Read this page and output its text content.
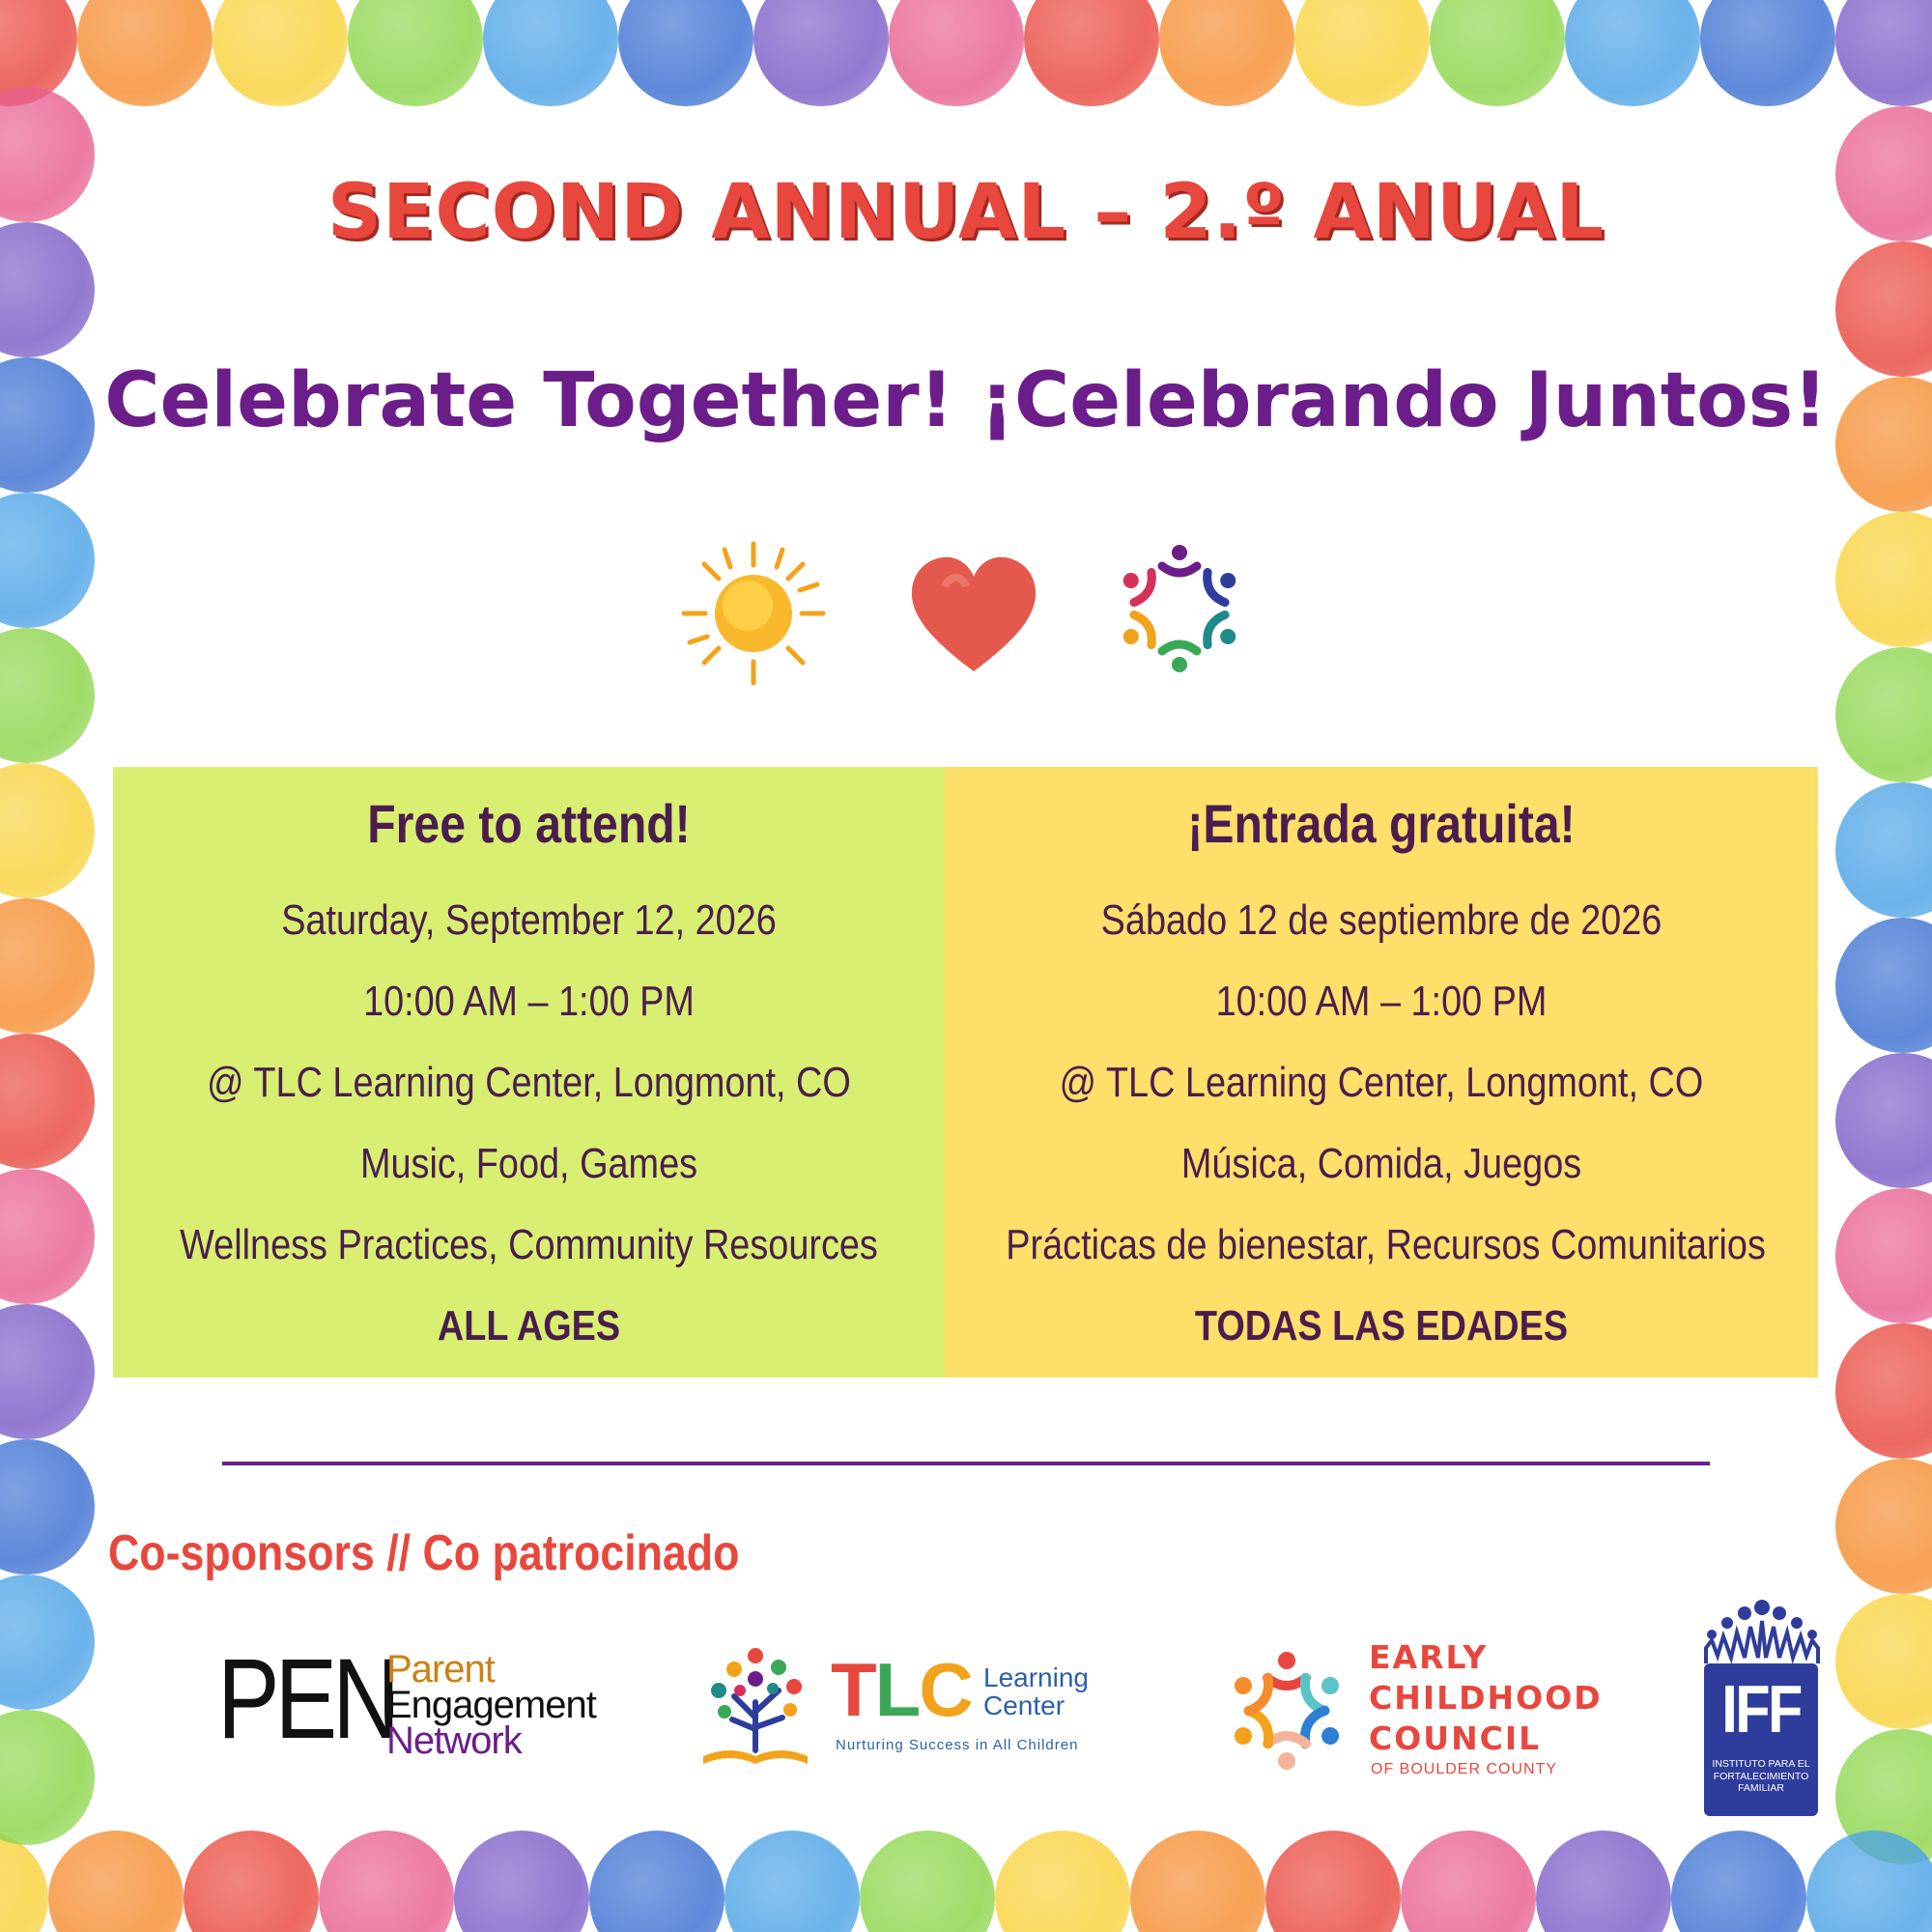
SECOND ANNUAL – 2.º ANUAL
Celebrate Together! ¡Celebrando Juntos!
Free to attend!
Saturday, September 12, 2026
10:00 AM – 1:00 PM
@ TLC Learning Center, Longmont, CO
Music, Food, Games
Wellness Practices, Community Resources
ALL AGES
¡Entrada gratuita!
Sábado 12 de septiembre de 2026
10:00 AM – 1:00 PM
@ TLC Learning Center, Longmont, CO
Música, Comida, Juegos
Prácticas de bienestar, Recursos Comunitarios
TODAS LAS EDADES
Co-sponsors // Co patrocinado
PEN
Parent
Engagement
Network
TLC Learning
Center
Nurturing Success in All Children
EARLY
CHILDHOOD
COUNCIL
OF BOULDER COUNTY
IFF
INSTITUTO PARA EL
FORTALECIMIENTO
FAMILIAR
